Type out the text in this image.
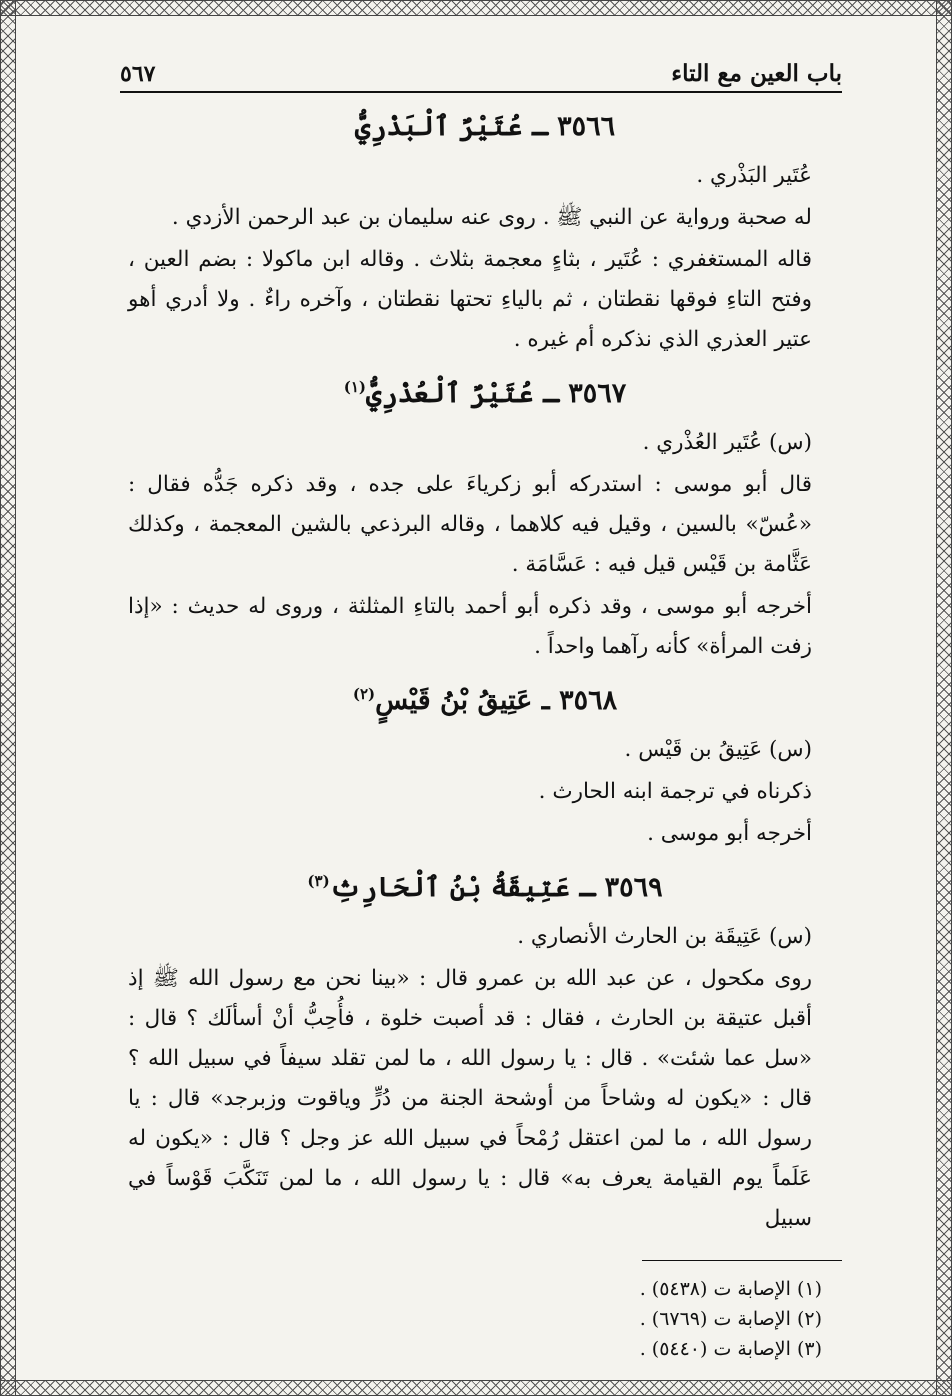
باب العين مع التاء
٥٦٧
٣٥٦٦ ـ عُتَيْرٌ ٱلْبَذْرِيُّ

عُتَير البَذْري .

له صحبة ورواية عن النبي ﷺ . روى عنه سليمان بن عبد الرحمن الأزدي .

قاله المستغفري : عُتَير ، بثاءٍ معجمة بثلاث . وقاله ابن ماكولا : بضم العين ، وفتح التاءِ فوقها نقطتان ، ثم بالياءِ تحتها نقطتان ، وآخره راءٌ . ولا أدري أهو عتير العذري الذي نذكره أم غيره .

٣٥٦٧ ـ عُتَيْرٌ ٱلْعُذْرِيُّ$^{(١)}$

(س) عُتَير العُذْري .

قال أبو موسى : استدركه أبو زكرياءَ على جده ، وقد ذكره جَدُّه فقال : «عُسّ» بالسين ، وقيل فيه كلاهما ، وقاله البرذعي بالشين المعجمة ، وكذلك عَثَّامة بن قَيْس قيل فيه : عَسَّامَة .

أخرجه أبو موسى ، وقد ذكره أبو أحمد بالتاءِ المثلثة ، وروى له حديث : «إذا زفت المرأة» كأنه رآهما واحداً .

٣٥٦٨ ـ عَتِيقُ بْنُ قَيْسٍ$^{(٢)}$

(س) عَتِيقُ بن قَيْس .

ذكرناه في ترجمة ابنه الحارث .

أخرجه أبو موسى .

٣٥٦٩ ـ عَتِيقَةُ بْنُ ٱلْحَارِثِ$^{(٣)}$

(س) عَتِيقَة بن الحارث الأنصاري .

روى مكحول ، عن عبد الله بن عمرو قال : «بينا نحن مع رسول الله ﷺ إذ أقبل عتيقة بن الحارث ، فقال : قد أصبت خلوة ، فأُحِبُّ أنْ أسألَك ؟ قال : «سل عما شئت» . قال : يا رسول الله ، ما لمن تقلد سيفاً في سبيل الله ؟ قال : «يكون له وشاحاً من أوشحة الجنة من دُرٍّ وياقوت وزبرجد» قال : يا رسول الله ، ما لمن اعتقل رُمْحاً في سبيل الله عز وجل ؟ قال : «يكون له عَلَماً يوم القيامة يعرف به» قال : يا رسول الله ، ما لمن تَنَكَّبَ قَوْساً في سبيل

(١) الإصابة ت (٥٤٣٨) .
(٢) الإصابة ت (٦٧٦٩) .
(٣) الإصابة ت (٥٤٤٠) .
